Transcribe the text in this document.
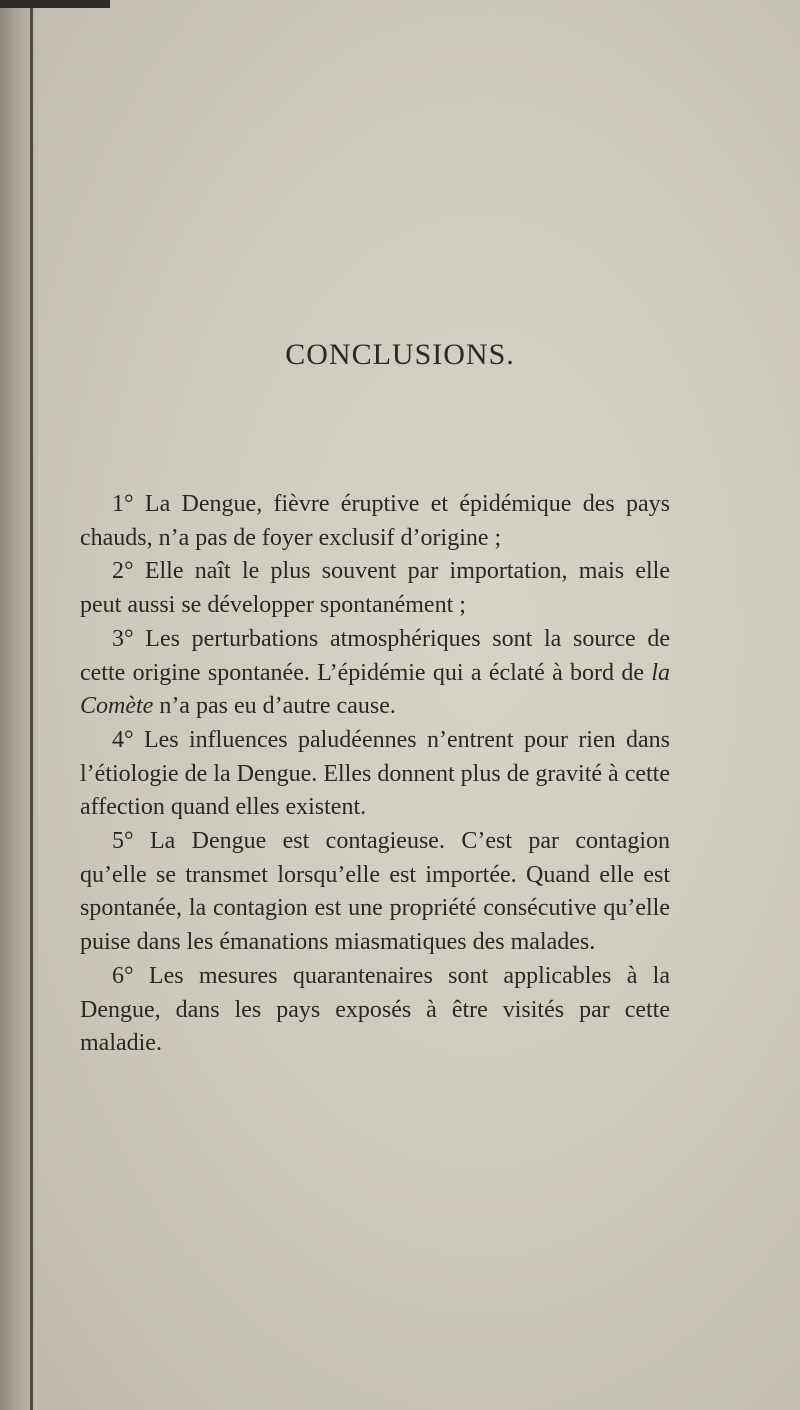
CONCLUSIONS.

1° La Dengue, fièvre éruptive et épidémique des pays chauds, n’a pas de foyer exclusif d’origine ;

2° Elle naît le plus souvent par importation, mais elle peut aussi se développer spontanément ;

3° Les perturbations atmosphériques sont la source de cette origine spontanée. L’épidémie qui a éclaté à bord de la Comète n’a pas eu d’autre cause.

4° Les influences paludéennes n’entrent pour rien dans l’étiologie de la Dengue. Elles donnent plus de gravité à cette affection quand elles existent.

5° La Dengue est contagieuse. C’est par contagion qu’elle se transmet lorsqu’elle est importée. Quand elle est spontanée, la contagion est une propriété consécutive qu’elle puise dans les émanations miasmatiques des malades.

6° Les mesures quarantenaires sont applicables à la Dengue, dans les pays exposés à être visités par cette maladie.
